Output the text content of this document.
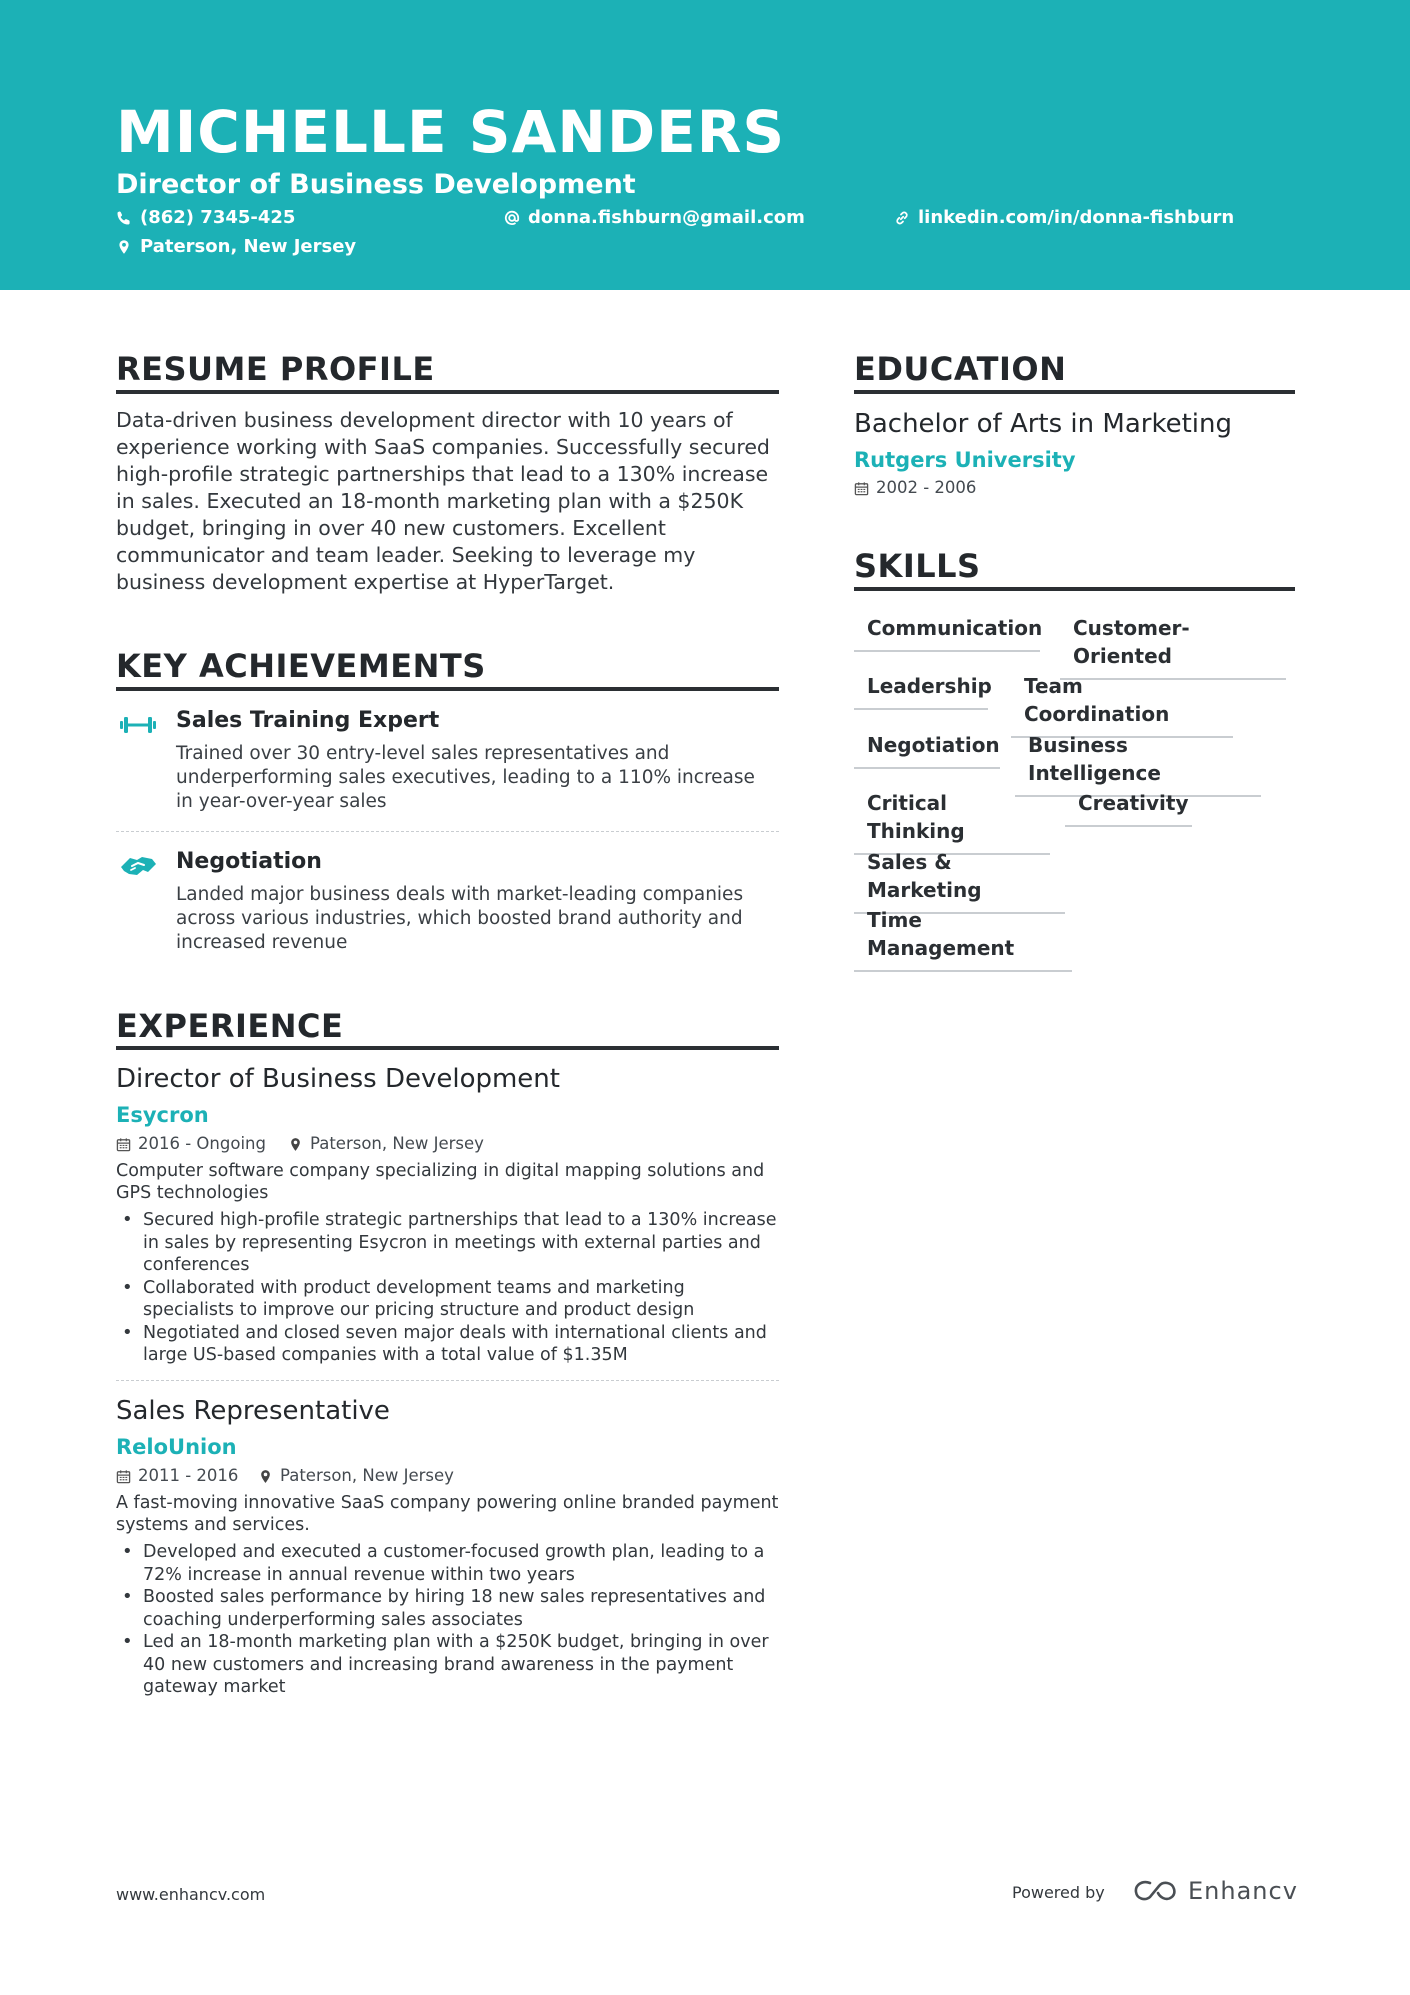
MICHELLE SANDERS
Director of Business Development
(862) 7345-425	donna.fishburn@gmail.com	linkedin.com/in/donna-fishburn
Paterson, New Jersey
RESUME PROFILE
Data-driven business development director with 10 years of experience working with SaaS companies. Successfully secured high-profile strategic partnerships that lead to a 130% increase in sales. Executed an 18-month marketing plan with a $250K budget, bringing in over 40 new customers. Excellent communicator and team leader. Seeking to leverage my business development expertise at HyperTarget.
KEY ACHIEVEMENTS
Sales Training Expert
Trained over 30 entry-level sales representatives and underperforming sales executives, leading to a 110% increase in year-over-year sales
Negotiation
Landed major business deals with market-leading companies across various industries, which boosted brand authority and increased revenue
EXPERIENCE
Director of Business Development
Esycron
2016 - Ongoing	Paterson, New Jersey
Computer software company specializing in digital mapping solutions and GPS technologies
• Secured high-profile strategic partnerships that lead to a 130% increase in sales by representing Esycron in meetings with external parties and conferences
• Collaborated with product development teams and marketing specialists to improve our pricing structure and product design
• Negotiated and closed seven major deals with international clients and large US-based companies with a total value of $1.35M
Sales Representative
ReloUnion
2011 - 2016	Paterson, New Jersey
A fast-moving innovative SaaS company powering online branded payment systems and services.
• Developed and executed a customer-focused growth plan, leading to a 72% increase in annual revenue within two years
• Boosted sales performance by hiring 18 new sales representatives and coaching underperforming sales associates
• Led an 18-month marketing plan with a $250K budget, bringing in over 40 new customers and increasing brand awareness in the payment gateway market
EDUCATION
Bachelor of Arts in Marketing
Rutgers University
2002 - 2006
SKILLS
Communication	Customer-Oriented
Leadership	Team Coordination
Negotiation	Business Intelligence
Critical Thinking
Creativity
Sales & Marketing
Time Management
www.enhancv.com	Powered by	Enhancv
